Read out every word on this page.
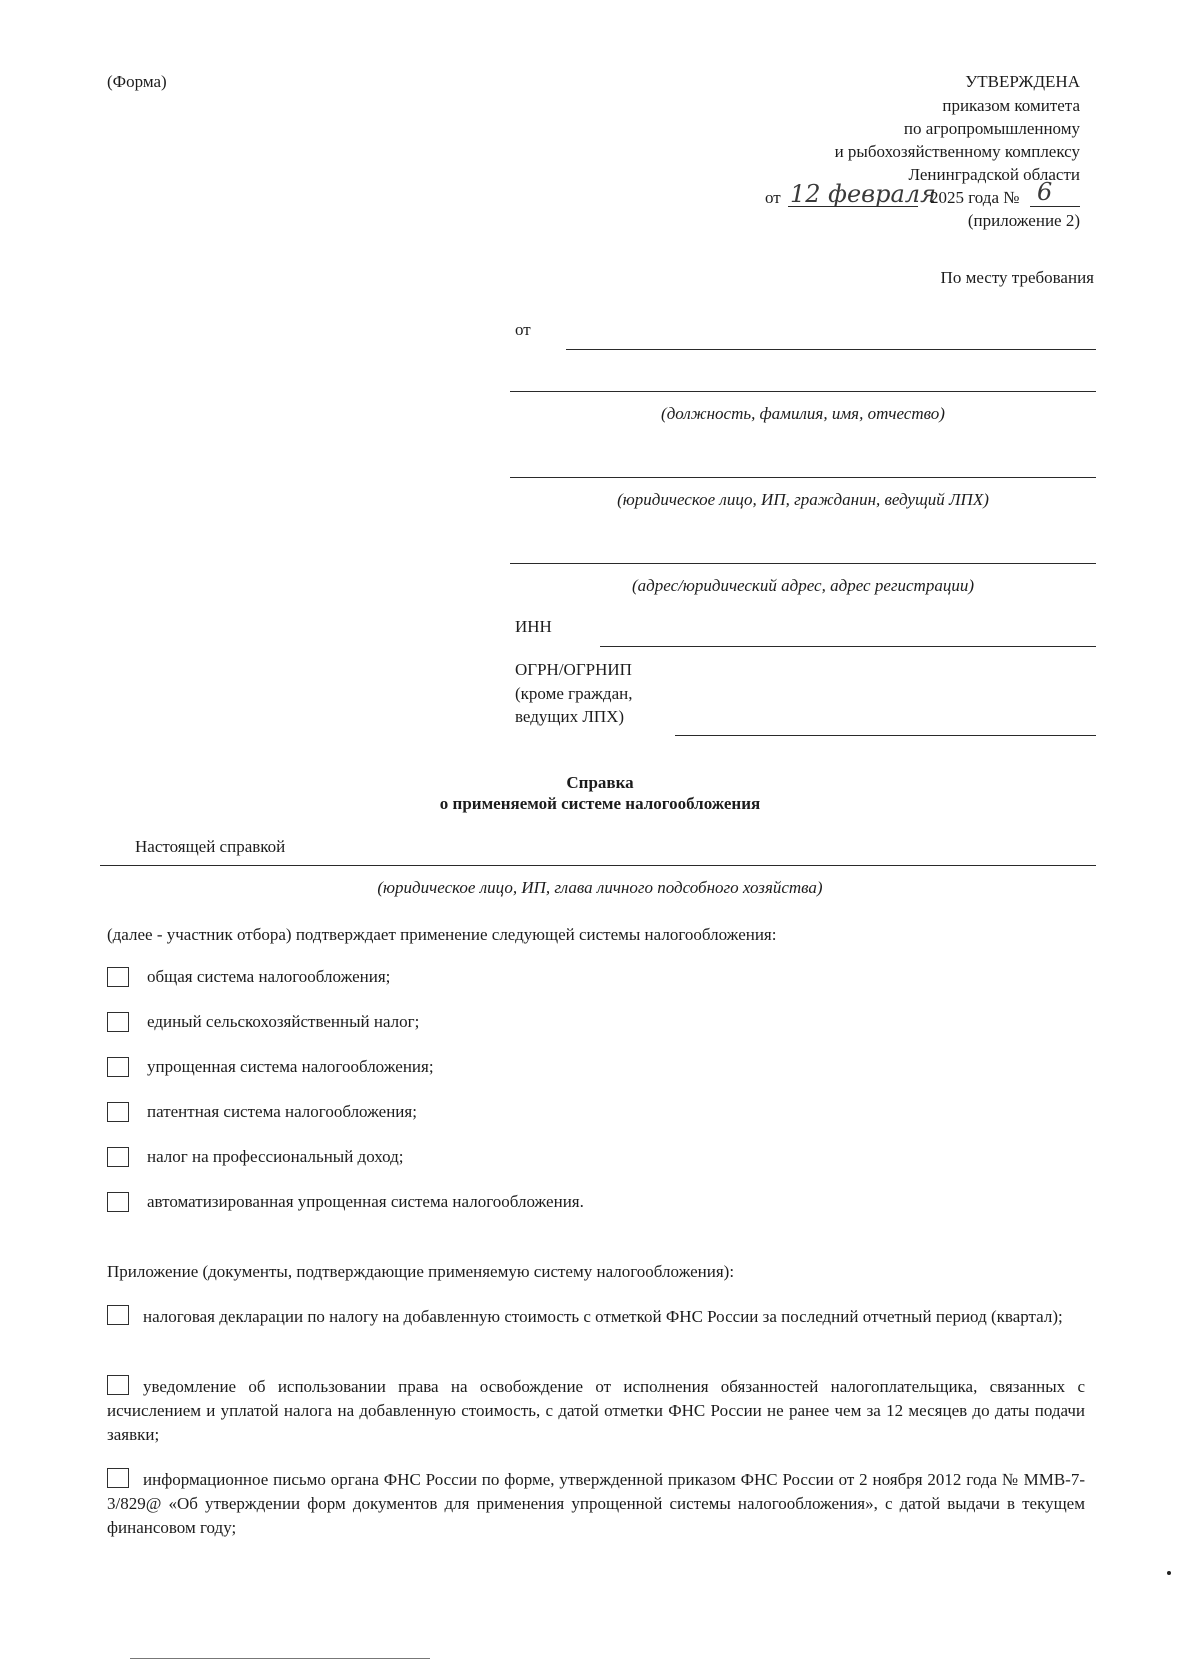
(Форма)	УТВЕРЖДЕНА
приказом комитета
по агропромышленному
и рыбохозяйственному комплексу
Ленинградской области
от 12 февраля
2025 года № 6
(приложение 2)
По месту требования
от
(должность, фамилия, имя, отчество)
(юридическое лицо, ИП, гражданин, ведущий ЛПХ)
(адрес/юридический адрес, адрес регистрации)
ИНН
ОГРН/ОГРНИП
(кроме граждан,
ведущих ЛПХ)
Справка
о применяемой системе налогообложения
Настоящей справкой
(юридическое лицо, ИП, глава личного подсобного хозяйства)
(далее - участник отбора) подтверждает применение следующей системы налогообложения:
общая система налогообложения;
единый сельскохозяйственный налог;
упрощенная система налогообложения;
патентная система налогообложения;
налог на профессиональный доход;
автоматизированная упрощенная система налогообложения.
Приложение (документы, подтверждающие применяемую систему налогообложения):
налоговая декларации по налогу на добавленную стоимость с отметкой ФНС России за последний отчетный период (квартал);
уведомление об использовании права на освобождение от исполнения обязанностей налогоплательщика, связанных с исчислением и уплатой налога на добавленную стоимость, с датой отметки ФНС России не ранее чем за 12 месяцев до даты подачи заявки;
информационное письмо органа ФНС России по форме, утвержденной приказом ФНС России от 2 ноября 2012 года № ММВ-7-3/829@ «Об утверждении форм документов для применения упрощенной системы налогообложения», с датой выдачи в текущем финансовом году;
